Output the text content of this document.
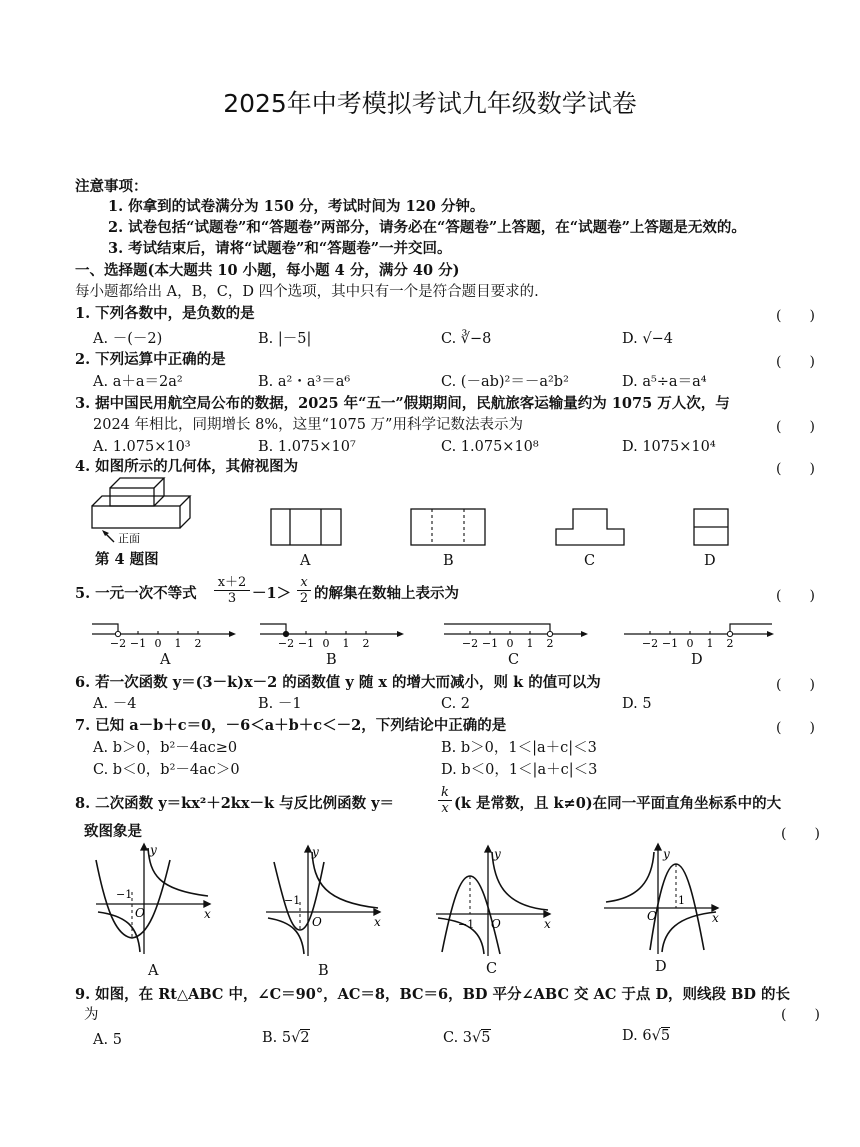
2025年中考模拟考试九年级数学试卷
注意事项：
1. 你拿到的试卷满分为 150 分，考试时间为 120 分钟。
2. 试卷包括“试题卷”和“答题卷”两部分，请务必在“答题卷”上答题，在“试题卷”上答题是无效的。
3. 考试结束后，请将“试题卷”和“答题卷”一并交回。
一、选择题(本大题共 10 小题，每小题 4 分，满分 40 分)
每小题都给出 A，B，C，D 四个选项，其中只有一个是符合题目要求的.
1. 下列各数中，是负数的是	(　　)
A. －(－2)	B. |－5|	C. ∛−8	D. √−4
2. 下列运算中正确的是	(　　)
A. a＋a＝2a²	B. a²・a³＝a⁶	C. (－ab)²＝－a²b²	D. a⁵÷a＝a⁴
3. 据中国民用航空局公布的数据，2025 年“五一”假期期间，民航旅客运输量约为 1075 万人次，与
2024 年相比，同期增长 8%，这里“1075 万”用科学记数法表示为	(　　)
A. 1.075×10³	B. 1.075×10⁷	C. 1.075×10⁸	D. 1075×10⁴
4. 如图所示的几何体，其俯视图为	(　　)
正面
第 4 题图	A	B	C	D
5. 一元一次不等式 $\frac{x+2}{3} -1> \frac{x}{2}$ 的解集在数轴上表示为	(　　)
−2 −1 0 1 2
A
−2 −1 0 1 2
B
−2 −1 0 1 2
C
−2 −1 0 1 2
D
6. 若一次函数 y＝(3－k)x－2 的函数值 y 随 x 的增大而减小，则 k 的值可以为	(　　)
A. －4	B. －1	C. 2	D. 5
7. 已知 a－b＋c＝0，－6＜a＋b＋c＜－2，下列结论中正确的是	(　　)
A. b＞0，b²－4ac≥0	B. b＞0，1＜|a＋c|＜3
C. b＜0，b²－4ac＞0	D. b＜0，1＜|a＋c|＜3
8. 二次函数 y＝kx²＋2kx－k 与反比例函数 y＝	$\frac{k}{x} (k$ 是常数，且 k≠0)在同一平面直角坐标系中的大
致图象是	(　　)
y
x
O
−1
A
y
x
O
−1
B
y
x
O
−1
C
y
x
O
1
D
9. 如图，在 Rt△ABC 中，∠C＝90°，AC＝8，BC＝6，BD 平分∠ABC 交 AC 于点 D，则线段 BD 的长
为	(　　)
A. 5	B. 5√2	C. 3√5	D. 6√5
